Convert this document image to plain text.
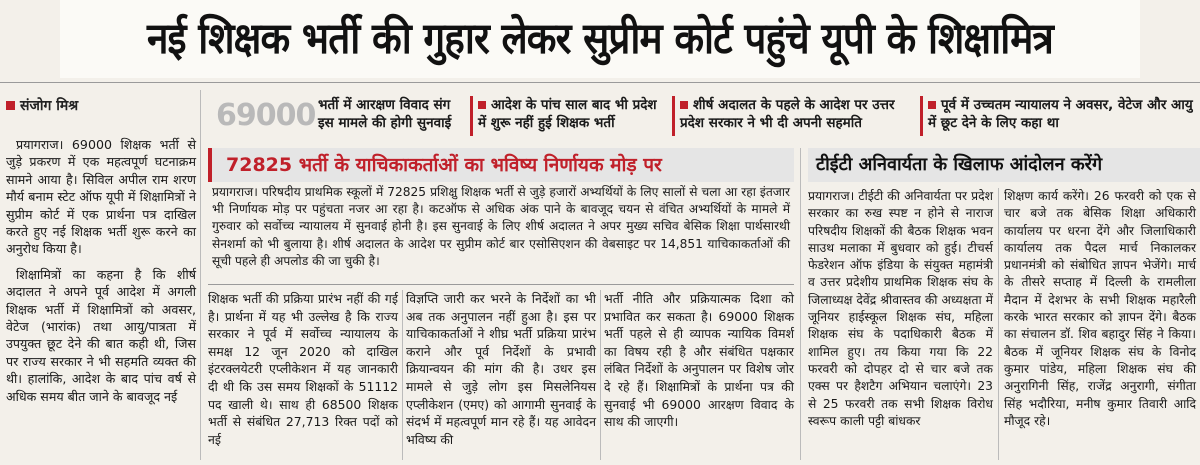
नई शिक्षक भर्ती की गुहार लेकर सुप्रीम कोर्ट पहुंचे यूपी के शिक्षामित्र
संजोग मिश्र

प्रयागराज। 69000 शिक्षक भर्ती से जुड़े प्रकरण में एक महत्वपूर्ण घटनाक्रम सामने आया है। सिविल अपील राम शरण मौर्य बनाम स्टेट ऑफ यूपी में शिक्षामित्रों ने सुप्रीम कोर्ट में एक प्रार्थना पत्र दाखिल करते हुए नई शिक्षक भर्ती शुरू करने का अनुरोध किया है।

शिक्षामित्रों का कहना है कि शीर्ष अदालत ने अपने पूर्व आदेश में अगली शिक्षक भर्ती में शिक्षामित्रों को अवसर, वेटेज (भारांक) तथा आयु/पात्रता में उपयुक्त छूट देने की बात कही थी, जिस पर राज्य सरकार ने भी सहमति व्यक्त की थी। हालांकि, आदेश के बाद पांच वर्ष से अधिक समय बीत जाने के बावजूद नई

69000 भर्ती में आरक्षण विवाद संग इस मामले की होगी सुनवाई
आदेश के पांच साल बाद भी प्रदेश में शुरू नहीं हुई शिक्षक भर्ती
शीर्ष अदालत के पहले के आदेश पर उत्तर प्रदेश सरकार ने भी दी अपनी सहमति
पूर्व में उच्चतम न्यायालय ने अवसर, वेटेज और आयु में छूट देने के लिए कहा था
72825 भर्ती के याचिकाकर्ताओं का भविष्य निर्णायक मोड़ पर
प्रयागराज। परिषदीय प्राथमिक स्कूलों में 72825 प्रशिक्षु शिक्षक भर्ती से जुड़े हजारों अभ्यर्थियों के लिए सालों से चला आ रहा इंतजार भी निर्णायक मोड़ पर पहुंचता नजर आ रहा है। कटऑफ से अधिक अंक पाने के बावजूद चयन से वंचित अभ्यर्थियों के मामले में गुरुवार को सर्वोच्च न्यायालय में सुनवाई होनी है। इस सुनवाई के लिए शीर्ष अदालत ने अपर मुख्य सचिव बेसिक शिक्षा पार्थसारथी सेनशर्मा को भी बुलाया है। शीर्ष अदालत के आदेश पर सुप्रीम कोर्ट बार एसोसिएशन की वेबसाइट पर 14,851 याचिकाकर्ताओं की सूची पहले ही अपलोड की जा चुकी है।
शिक्षक भर्ती की प्रक्रिया प्रारंभ नहीं की गई है। प्रार्थना में यह भी उल्लेख है कि राज्य सरकार ने पूर्व में सर्वोच्च न्यायालय के समक्ष 12 जून 2020 को दाखिल इंटरक्लयेटरी एप्लीकेशन में यह जानकारी दी थी कि उस समय शिक्षकों के 51112 पद खाली थे। साथ ही 68500 शिक्षक भर्ती से संबंधित 27,713 रिक्त पदों को नई
विज्ञप्ति जारी कर भरने के निर्देशों का भी अब तक अनुपालन नहीं हुआ है। इस पर याचिकाकर्ताओं ने शीघ्र भर्ती प्रक्रिया प्रारंभ कराने और पूर्व निर्देशों के प्रभावी क्रियान्वयन की मांग की है। उधर इस मामले से जुड़े लोग इस मिसलेनियस एप्लीकेशन (एमए) को आगामी सुनवाई के संदर्भ में महत्वपूर्ण मान रहे हैं। यह आवेदन भविष्य की
भर्ती नीति और प्रक्रियात्मक दिशा को प्रभावित कर सकता है। 69000 शिक्षक भर्ती पहले से ही व्यापक न्यायिक विमर्श का विषय रही है और संबंधित पक्षकार लंबित निर्देशों के अनुपालन पर विशेष जोर दे रहे हैं। शिक्षामित्रों के प्रार्थना पत्र की सुनवाई भी 69000 आरक्षण विवाद के साथ की जाएगी।
टीईटी अनिवार्यता के खिलाफ आंदोलन करेंगे
प्रयागराज। टीईटी की अनिवार्यता पर प्रदेश सरकार का रुख स्पष्ट न होने से नाराज परिषदीय शिक्षकों की बैठक शिक्षक भवन साउथ मलाका में बुधवार को हुई। टीचर्स फेडरेशन ऑफ इंडिया के संयुक्त महामंत्री व उत्तर प्रदेशीय प्राथमिक शिक्षक संघ के जिलाध्यक्ष देवेंद्र श्रीवास्तव की अध्यक्षता में जूनियर हाईस्कूल शिक्षक संघ, महिला शिक्षक संघ के पदाधिकारी बैठक में शामिल हुए। तय किया गया कि 22 फरवरी को दोपहर दो से चार बजे तक एक्स पर हैशटैग अभियान चलाएंगे। 23 से 25 फरवरी तक सभी शिक्षक विरोध स्वरूप काली पट्टी बांधकर
शिक्षण कार्य करेंगे। 26 फरवरी को एक से चार बजे तक बेसिक शिक्षा अधिकारी कार्यालय पर धरना देंगे और जिलाधिकारी कार्यालय तक पैदल मार्च निकालकर प्रधानमंत्री को संबोधित ज्ञापन भेजेंगे। मार्च के तीसरे सप्ताह में दिल्ली के रामलीला मैदान में देशभर के सभी शिक्षक महारैली करके भारत सरकार को ज्ञापन देंगे। बैठक का संचालन डॉ. शिव बहादुर सिंह ने किया। बैठक में जूनियर शिक्षक संघ के विनोद कुमार पांडेय, महिला शिक्षक संघ की अनुरागिनी सिंह, राजेंद्र अनुरागी, संगीता सिंह भदौरिया, मनीष कुमार तिवारी आदि मौजूद रहे।
